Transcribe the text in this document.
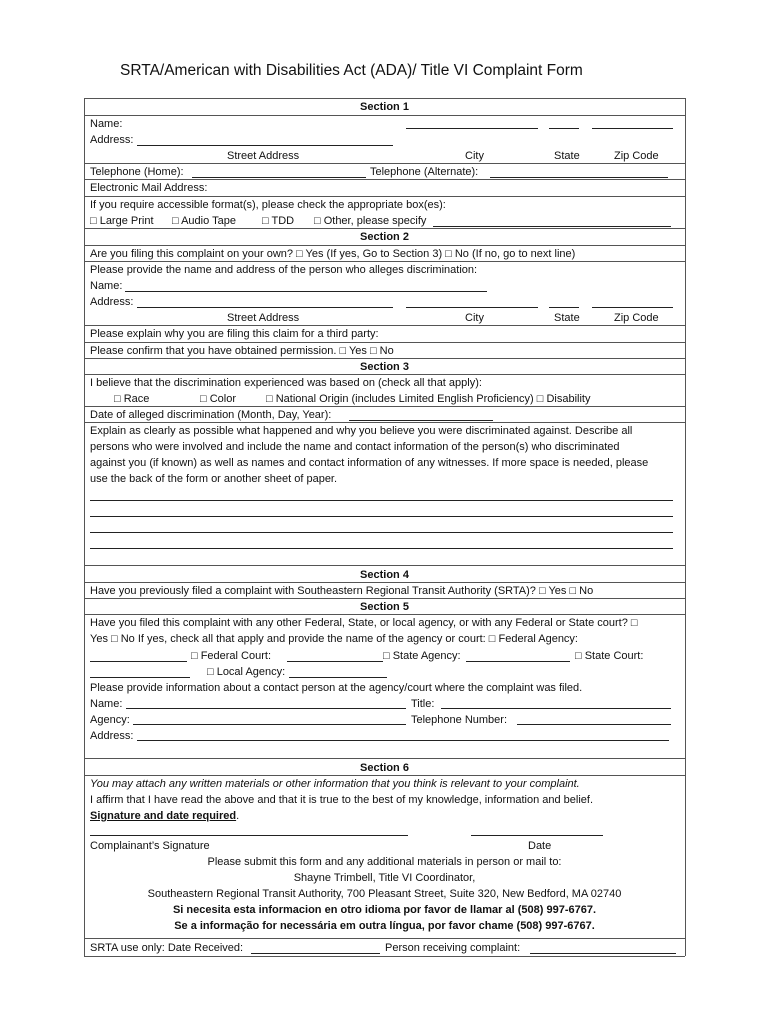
SRTA/American with Disabilities Act (ADA)/ Title VI Complaint Form
Section 1
Name:
Address:
Street Address	City	State	Zip Code
Telephone (Home):	Telephone (Alternate):
Electronic Mail Address:
If you require accessible format(s), please check the appropriate box(es):
□ Large Print □ Audio Tape □ TDD □ Other, please specify
Section 2
Are you filing this complaint on your own? □ Yes (If yes, Go to Section 3) □ No (If no, go to next line)
Please provide the name and address of the person who alleges discrimination:
Name:
Address:
Street Address	City	State	Zip Code
Please explain why you are filing this claim for a third party:
Please confirm that you have obtained permission. □ Yes □ No
Section 3
I believe that the discrimination experienced was based on (check all that apply):
□ Race	□ Color	□ National Origin (includes Limited English Proficiency) □ Disability
Date of alleged discrimination (Month, Day, Year):
Explain as clearly as possible what happened and why you believe you were discriminated against. Describe all
persons who were involved and include the name and contact information of the person(s) who discriminated
against you (if known) as well as names and contact information of any witnesses. If more space is needed, please
use the back of the form or another sheet of paper.
Section 4
Have you previously filed a complaint with Southeastern Regional Transit Authority (SRTA)? □ Yes □ No
Section 5
Have you filed this complaint with any other Federal, State, or local agency, or with any Federal or State court? □
Yes □ No If yes, check all that apply and provide the name of the agency or court: □ Federal Agency:
□ Federal Court:	□ State Agency:	□ State Court:
□ Local Agency:
Please provide information about a contact person at the agency/court where the complaint was filed.
Name:	Title:
Agency:	Telephone Number:
Address:
Section 6
You may attach any written materials or other information that you think is relevant to your complaint.
I affirm that I have read the above and that it is true to the best of my knowledge, information and belief.
Signature and date required.
Complainant’s Signature	Date
Please submit this form and any additional materials in person or mail to:
Shayne Trimbell, Title VI Coordinator,
Southeastern Regional Transit Authority, 700 Pleasant Street, Suite 320, New Bedford, MA 02740
Si necesita esta informacion en otro idioma por favor de llamar al (508) 997-6767.
Se a informação for necessária em outra língua, por favor chame (508) 997-6767.
SRTA use only: Date Received:	Person receiving complaint:
